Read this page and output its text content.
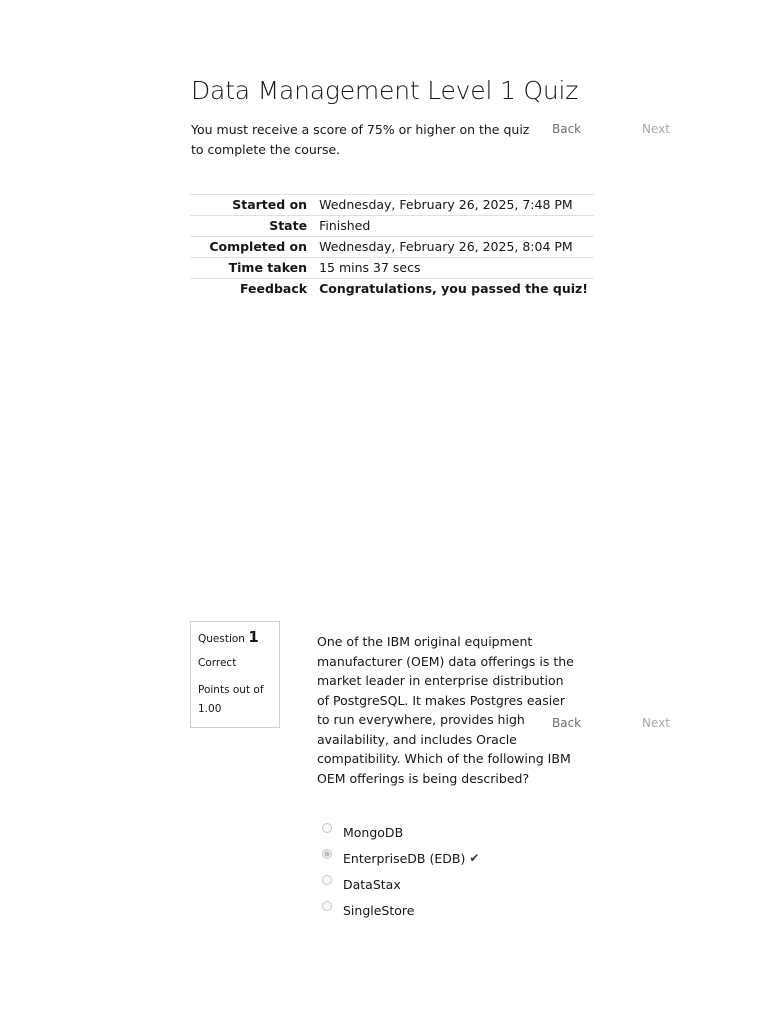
Data Management Level 1 Quiz

You must receive a score of 75% or higher on the quiz to complete the course.

Back	Next
Started on	Wednesday, February 26, 2025, 7:48 PM
State	Finished
Completed on	Wednesday, February 26, 2025, 8:04 PM
Time taken	15 mins 37 secs
Feedback	Congratulations, you passed the quiz!
Question 1
Correct
Points out of 1.00

One of the IBM original equipment manufacturer (OEM) data offerings is the market leader in enterprise distribution of PostgreSQL. It makes Postgres easier to run everywhere, provides high availability, and includes Oracle compatibility. Which of the following IBM OEM offerings is being described?

Back	Next
MongoDB
EnterpriseDB (EDB) ✔
DataStax
SingleStore
